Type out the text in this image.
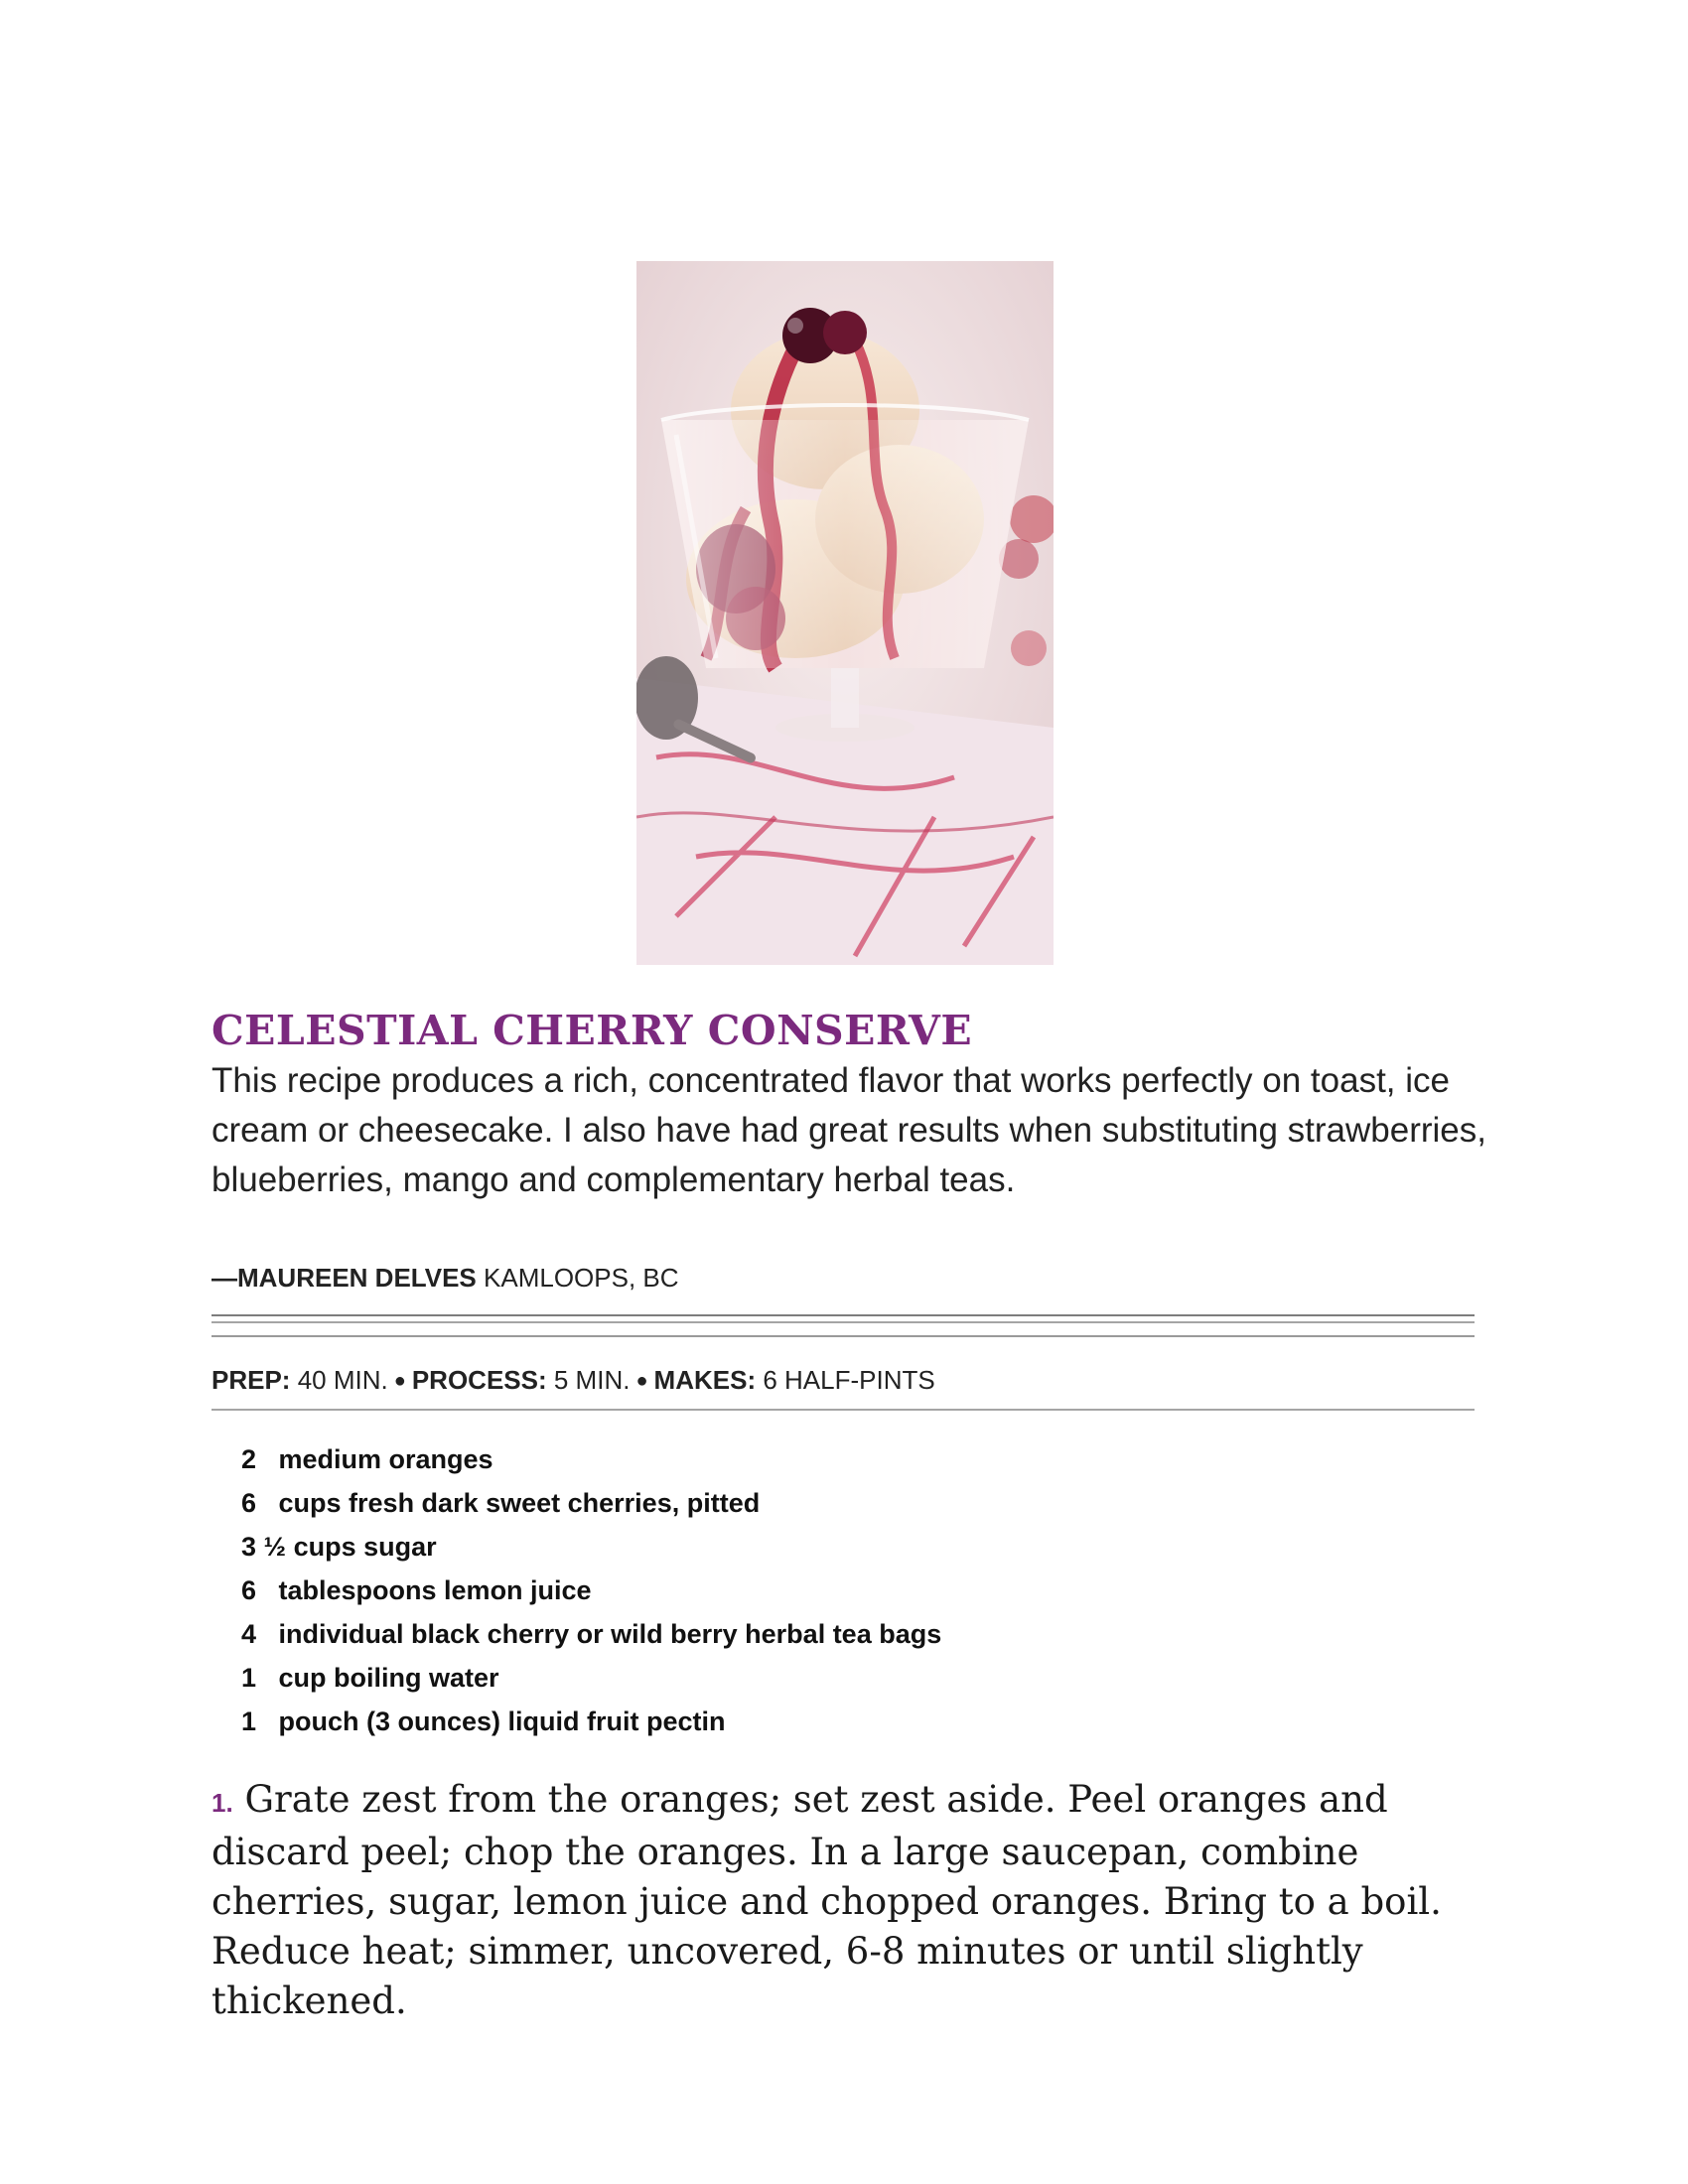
CELESTIAL CHERRY CONSERVE

This recipe produces a rich, concentrated flavor that works perfectly on toast, ice cream or cheesecake. I also have had great results when substituting strawberries, blueberries, mango and complementary herbal teas.

—MAUREEN DELVES KAMLOOPS, BC

PREP: 40 MIN. ● PROCESS: 5 MIN. ● MAKES: 6 HALF-PINTS

2 medium oranges
6 cups fresh dark sweet cherries, pitted
3 ½ cups sugar
6 tablespoons lemon juice
4 individual black cherry or wild berry herbal tea bags
1 cup boiling water
1 pouch (3 ounces) liquid fruit pectin

1. Grate zest from the oranges; set zest aside. Peel oranges and discard peel; chop the oranges. In a large saucepan, combine cherries, sugar, lemon juice and chopped oranges. Bring to a boil. Reduce heat; simmer, uncovered, 6-8 minutes or until slightly thickened.
